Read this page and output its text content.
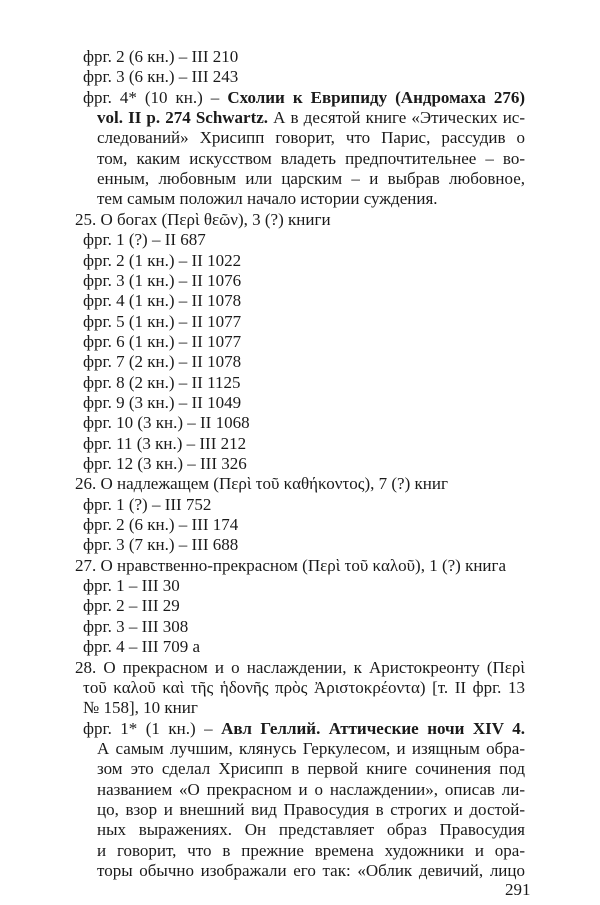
фрг. 2 (6 кн.) – III 210
фрг. 3 (6 кн.) – III 243
фрг. 4* (10 кн.) – Схолии к Еврипиду (Андромаха 276)
vol. II p. 274 Schwartz. А в десятой книге «Этических ис-
следований» Хрисипп говорит, что Парис, рассудив о
том, каким искусством владеть предпочтительнее – во-
енным, любовным или царским – и выбрав любовное,
тем самым положил начало истории суждения.
25. О богах (Περὶ θεῶν), 3 (?) книги
фрг. 1 (?) – II 687
фрг. 2 (1 кн.) – II 1022
фрг. 3 (1 кн.) – II 1076
фрг. 4 (1 кн.) – II 1078
фрг. 5 (1 кн.) – II 1077
фрг. 6 (1 кн.) – II 1077
фрг. 7 (2 кн.) – II 1078
фрг. 8 (2 кн.) – II 1125
фрг. 9 (3 кн.) – II 1049
фрг. 10 (3 кн.) – II 1068
фрг. 11 (3 кн.) – III 212
фрг. 12 (3 кн.) – III 326
26. О надлежащем (Περὶ τοῦ καθήκοντος), 7 (?) книг
фрг. 1 (?) – III 752
фрг. 2 (6 кн.) – III 174
фрг. 3 (7 кн.) – III 688
27. О нравственно-прекрасном (Περὶ τοῦ καλοῦ), 1 (?) книга
фрг. 1 – III 30
фрг. 2 – III 29
фрг. 3 – III 308
фрг. 4 – III 709 a
28. О прекрасном и о наслаждении, к Аристокреонту (Περὶ
τοῦ καλοῦ καὶ τῆς ἡδονῆς πρὸς Ἀριστοκρέοντα) [т. II фрг. 13
№ 158], 10 книг
фрг. 1* (1 кн.) – Авл Геллий. Аттические ночи XIV 4.
А самым лучшим, клянусь Геркулесом, и изящным обра-
зом это сделал Хрисипп в первой книге сочинения под
названием «О прекрасном и о наслаждении», описав ли-
цо, взор и внешний вид Правосудия в строгих и достой-
ных выражениях. Он представляет образ Правосудия
и говорит, что в прежние времена художники и ора-
торы обычно изображали его так: «Облик девичий, лицо
291
